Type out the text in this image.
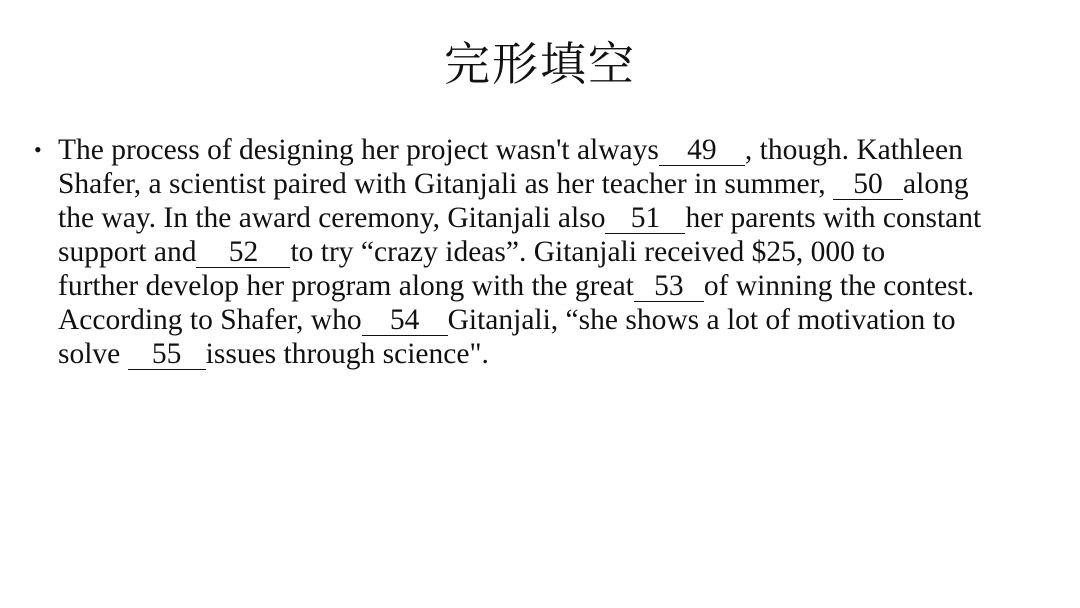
完形填空
• The process of designing her project wasn't always 49 , though. Kathleen
Shafer, a scientist paired with Gitanjali as her teacher in summer, 50 along
the way. In the award ceremony, Gitanjali also 51 her parents with constant
support and 52 to try “crazy ideas”. Gitanjali received $25, 000 to
further develop her program along with the great 53 of winning the contest.
According to Shafer, who 54 Gitanjali, “she shows a lot of motivation to
solve 55 issues through science".
